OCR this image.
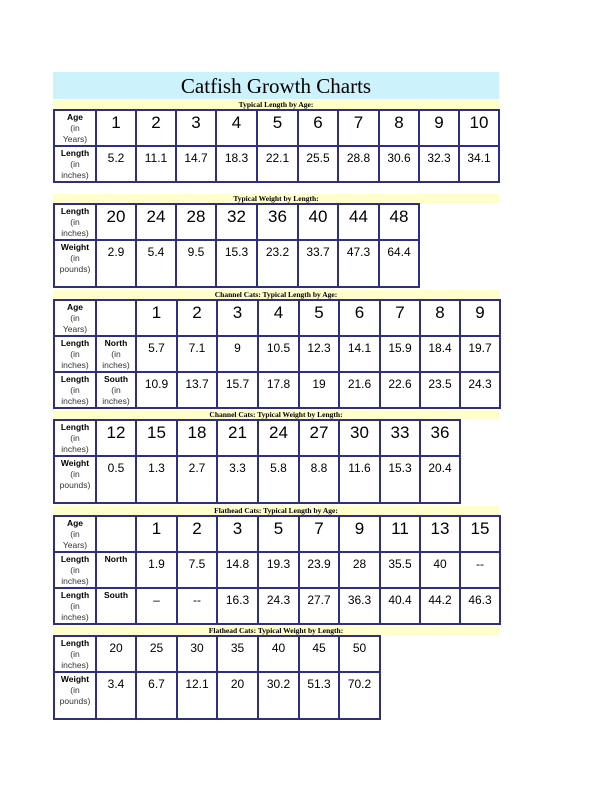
Catfish Growth Charts
Typical Length by Age:
Age
(in
Years)	1	2	3	4	5	6	7	8	9	10

Length
(in
inches)	5.2	11.1	14.7	18.3	22.1	25.5	28.8	30.6	32.3	34.1
Typical Weight by Length:
Length
(in
inches)	20	24	28	32	36	40	44	48

Weight
(in
pounds)	2.9	5.4	9.5	15.3	23.2	33.7	47.3	64.4
Channel Cats: Typical Length by Age:
Age
(in
Years)		1	2	3	4	5	6	7	8	9

Length
(in
inches)	North
(in
inches)	5.7	7.1	9	10.5	12.3	14.1	15.9	18.4	19.7

Length
(in
inches)	South
(in
inches)	10.9	13.7	15.7	17.8	19	21.6	22.6	23.5	24.3
Channel Cats: Typical Weight by Length:
Length
(in
inches)	12	15	18	21	24	27	30	33	36

Weight
(in
pounds)	0.5	1.3	2.7	3.3	5.8	8.8	11.6	15.3	20.4
Flathead Cats: Typical Length by Age:
Age
(in
Years)		1	2	3	5	7	9	11	13	15

Length
(in
inches)	North	1.9	7.5	14.8	19.3	23.9	28	35.5	40	--

Length
(in
inches)	South	–	--	16.3	24.3	27.7	36.3	40.4	44.2	46.3
Flathead Cats: Typical Weight by Length:
Length
(in
inches)	20	25	30	35	40	45	50

Weight
(in
pounds)	3.4	6.7	12.1	20	30.2	51.3	70.2
